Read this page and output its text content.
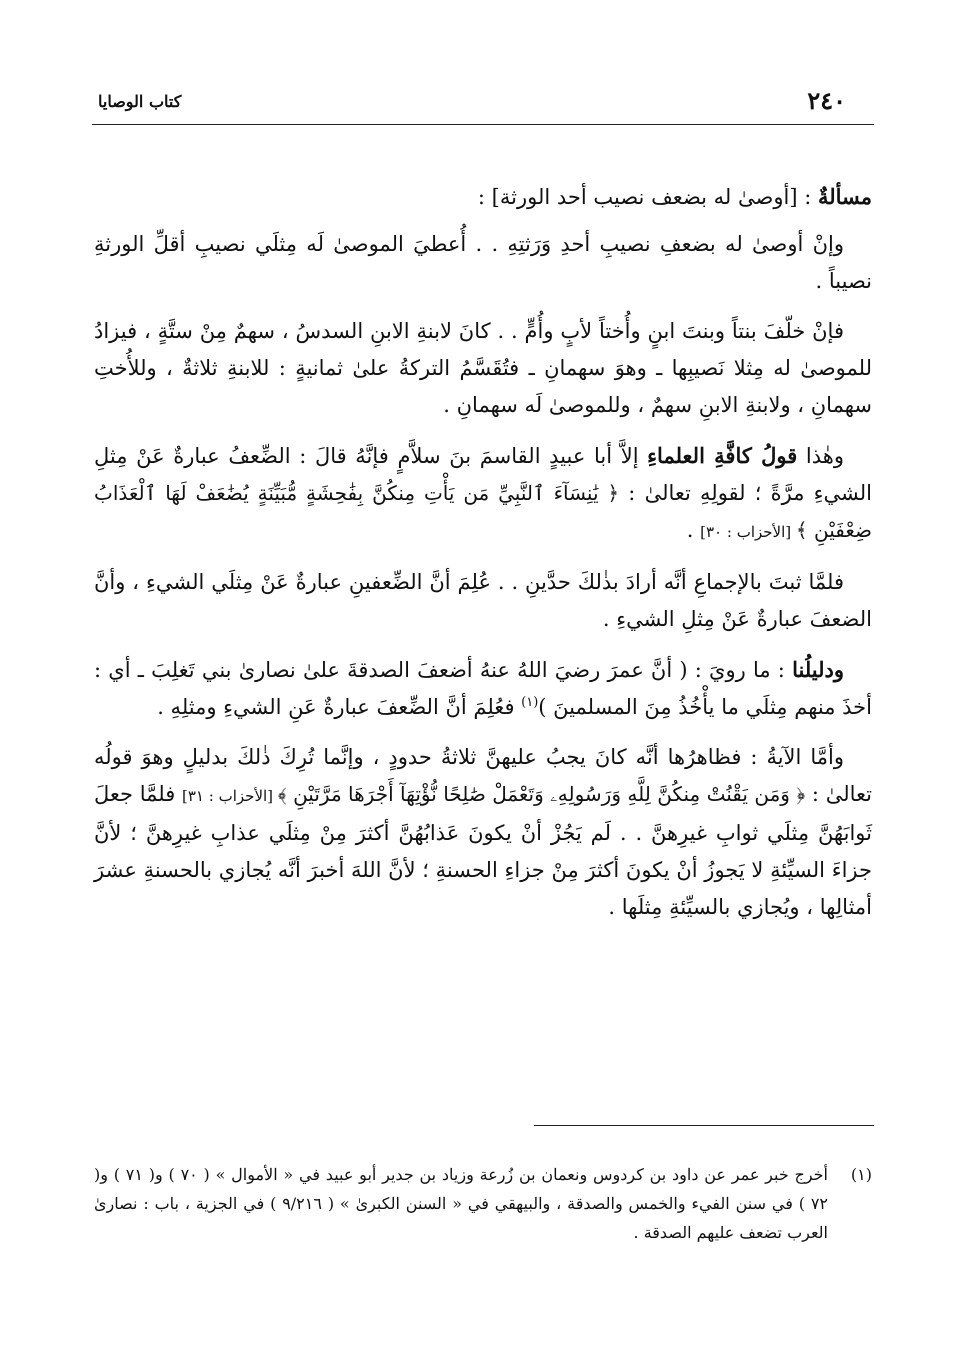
٢٤٠
كتاب الوصايا

مسألةٌ : [أوصىٰ له بضعف نصيب أحد الورثة] :

وإنْ أوصىٰ له بضعفِ نصيبِ أحدِ وَرَثتِهِ . . أُعطيَ الموصىٰ لَه مِثلَي نصيبِ أقلِّ الورثةِ نصيباً .

فإنْ خلّفَ بنتاً وبنتَ ابنٍ وأُختاً لأبٍ وأُمٍّ . . كانَ لابنةِ الابنِ السدسُ ، سهمٌ مِنْ ستَّةٍ ، فيزادُ للموصىٰ له مِثلا نَصيبِها ـ وهوَ سهمانِ ـ فتُقَسَّمُ التركةُ علىٰ ثمانيةٍ : للابنةِ ثلاثةٌ ، وللأُختِ سهمانِ ، ولابنةِ الابنِ سهمٌ ، وللموصىٰ لَه سهمانِ .

وهٰذا قولُ كافَّةِ العلماءِ إلاَّ أبا عبيدٍ القاسمَ بنَ سلاَّمٍ فإنَّهُ قالَ : الضِّعفُ عبارةٌ عَنْ مِثلِ الشيءِ مرَّةً ؛ لقولِهِ تعالىٰ : ﴿ يَٰنِسَآءَ ٱلنَّبِيِّ مَن يَأْتِ مِنكُنَّ بِفَٰحِشَةٍ مُّبَيِّنَةٍ يُضَٰعَفْ لَهَا ٱلْعَذَابُ ضِعْفَيْنِ ﴾ [الأحزاب : ٣٠] .

فلمَّا ثبتَ بالإجماعِ أنَّه أرادَ بذٰلكَ حدَّينِ . . عُلِمَ أنَّ الضِّعفينِ عبارةٌ عَنْ مِثلَي الشيءِ ، وأنَّ الضعفَ عبارةٌ عَنْ مِثلِ الشيءِ .

ودليلُنا : ما رويَ : ( أنَّ عمرَ رضيَ اللهُ عنهُ أضعفَ الصدقةَ علىٰ نصارىٰ بني تَغلِبَ ـ أي : أخذَ منهم مِثلَي ما يأْخُذُ مِنَ المسلمينَ )$^{(١)}$ فعُلِمَ أنَّ الضِّعفَ عبارةٌ عَنِ الشيءِ ومثلِهِ .

وأمَّا الآيةُ : فظاهرُها أنَّه كانَ يجبُ عليهنَّ ثلاثةُ حدودٍ ، وإنَّما تُرِكَ ذٰلكَ بدليلٍ وهوَ قولُه تعالىٰ : ﴿ وَمَن يَقْنُتْ مِنكُنَّ لِلَّهِ وَرَسُولِهِۦ وَتَعْمَلْ صَٰلِحًا نُّؤْتِهَآ أَجْرَهَا مَرَّتَيْنِ ﴾ [الأحزاب : ٣١] فلمَّا جعلَ ثَوابَهُنَّ مِثلَي ثوابِ غيرِهنَّ . . لَم يَجُزْ أنْ يكونَ عَذابُهُنَّ أكثرَ مِنْ مِثلَي عذابِ غيرِهنَّ ؛ لأنَّ جزاءَ السيِّئةِ لا يَجوزُ أنْ يكونَ أكثرَ مِنْ جزاءِ الحسنةِ ؛ لأنَّ اللهَ أخبرَ أنَّه يُجازي بالحسنةِ عشرَ أمثالِها ، ويُجازي بالسيِّئةِ مِثلَها .

(١)
أخرج خبر عمر عن داود بن كردوس ونعمان بن زُرعة وزياد بن جدير أبو عبيد في « الأموال » ( ٧٠ ) و( ٧١ ) و( ٧٢ ) في سنن الفيء والخمس والصدقة ، والبيهقي في « السنن الكبرىٰ » ( ٩/٢١٦ ) في الجزية ، باب : نصارىٰ العرب تضعف عليهم الصدقة .
